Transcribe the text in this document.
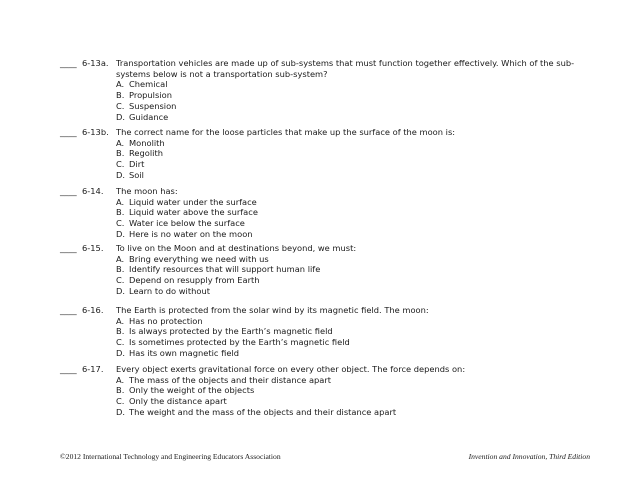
____ 6-13a. Transportation vehicles are made up of sub-systems that must function together effectively. Which of the sub-systems below is not a transportation sub-system?
A. Chemical
B. Propulsion
C. Suspension
D. Guidance
____ 6-13b. The correct name for the loose particles that make up the surface of the moon is:
A. Monolith
B. Regolith
C. Dirt
D. Soil
____ 6-14. The moon has:
A. Liquid water under the surface
B. Liquid water above the surface
C. Water ice below the surface
D. Here is no water on the moon
____ 6-15. To live on the Moon and at destinations beyond, we must:
A. Bring everything we need with us
B. Identify resources that will support human life
C. Depend on resupply from Earth
D. Learn to do without
____ 6-16. The Earth is protected from the solar wind by its magnetic field. The moon:
A. Has no protection
B. Is always protected by the Earth’s magnetic field
C. Is sometimes protected by the Earth’s magnetic field
D. Has its own magnetic field
____ 6-17. Every object exerts gravitational force on every other object. The force depends on:
A. The mass of the objects and their distance apart
B. Only the weight of the objects
C. Only the distance apart
D. The weight and the mass of the objects and their distance apart
©2012 International Technology and Engineering Educators Association	Invention and Innovation, Third Edition
